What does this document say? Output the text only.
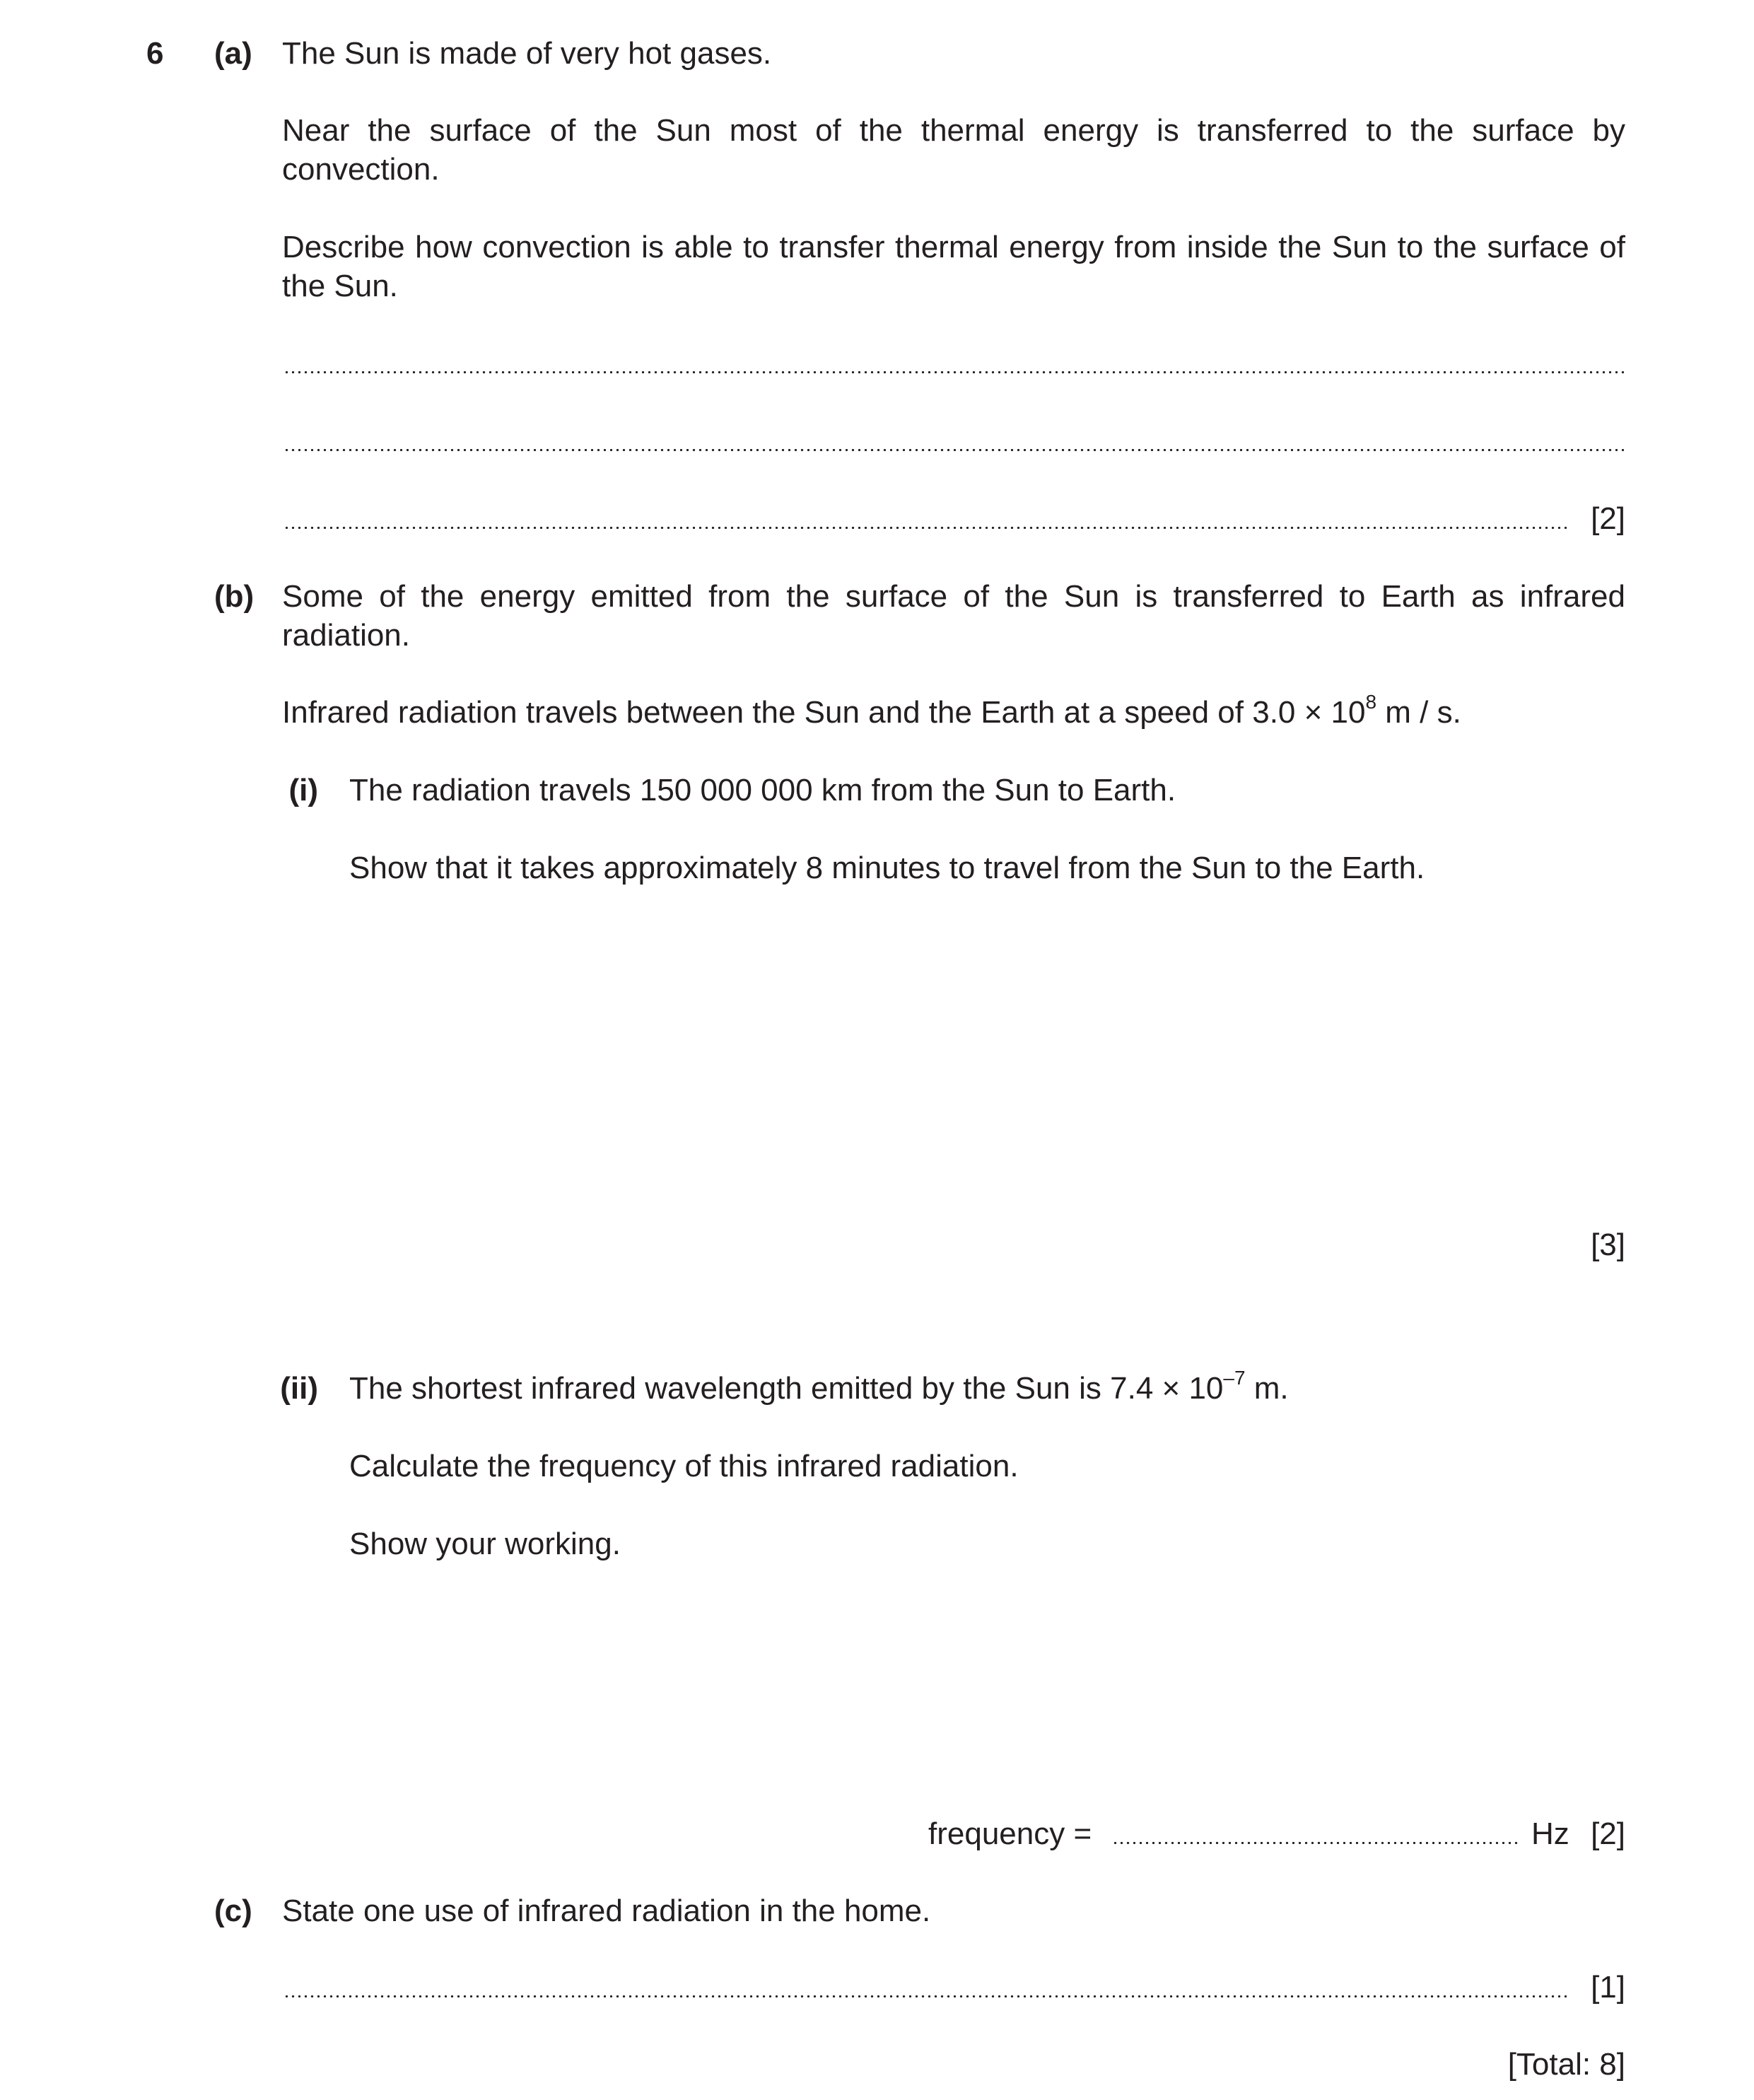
6 (a) The Sun is made of very hot gases.
Near the surface of the Sun most of the thermal energy is transferred to the surface by convection.
Describe how convection is able to transfer thermal energy from inside the Sun to the surface of the Sun.
[2]
(b) Some of the energy emitted from the surface of the Sun is transferred to Earth as infrared radiation.
Infrared radiation travels between the Sun and the Earth at a speed of $3.0 \times 10^8$ m / s.
(i) The radiation travels 150 000 000 km from the Sun to Earth.
Show that it takes approximately 8 minutes to travel from the Sun to the Earth.
[3]
(ii) The shortest infrared wavelength emitted by the Sun is $7.4 \times 10^{-7}$ m.
Calculate the frequency of this infrared radiation.
Show your working.
frequency =	Hz [2]
(c) State one use of infrared radiation in the home.
[1]
[Total: 8]
